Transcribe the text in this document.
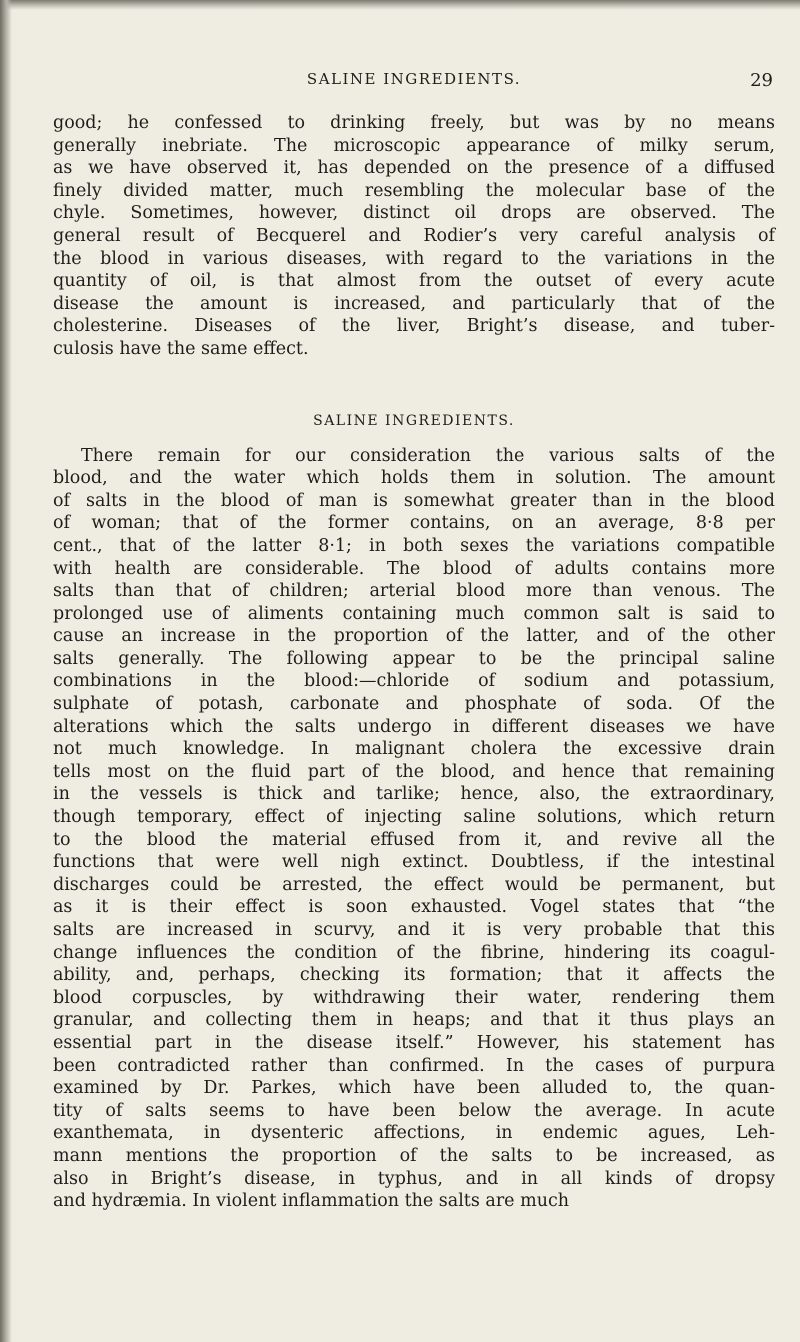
SALINE INGREDIENTS.	29
good; he confessed to drinking freely, but was by no means
generally inebriate. The microscopic appearance of milky serum,
as we have observed it, has depended on the presence of a diffused
finely divided matter, much resembling the molecular base of the
chyle. Sometimes, however, distinct oil drops are observed. The
general result of Becquerel and Rodier’s very careful analysis of
the blood in various diseases, with regard to the variations in the
quantity of oil, is that almost from the outset of every acute
disease the amount is increased, and particularly that of the
cholesterine. Diseases of the liver, Bright’s disease, and tuber-
culosis have the same effect.
SALINE INGREDIENTS.
There remain for our consideration the various salts of the
blood, and the water which holds them in solution. The amount
of salts in the blood of man is somewhat greater than in the blood
of woman; that of the former contains, on an average, 8·8 per
cent., that of the latter 8·1; in both sexes the variations compatible
with health are considerable. The blood of adults contains more
salts than that of children; arterial blood more than venous. The
prolonged use of aliments containing much common salt is said to
cause an increase in the proportion of the latter, and of the other
salts generally. The following appear to be the principal saline
combinations in the blood:—chloride of sodium and potassium,
sulphate of potash, carbonate and phosphate of soda. Of the
alterations which the salts undergo in different diseases we have
not much knowledge. In malignant cholera the excessive drain
tells most on the fluid part of the blood, and hence that remaining
in the vessels is thick and tarlike; hence, also, the extraordinary,
though temporary, effect of injecting saline solutions, which return
to the blood the material effused from it, and revive all the
functions that were well nigh extinct. Doubtless, if the intestinal
discharges could be arrested, the effect would be permanent, but
as it is their effect is soon exhausted. Vogel states that “the
salts are increased in scurvy, and it is very probable that this
change influences the condition of the fibrine, hindering its coagul-
ability, and, perhaps, checking its formation; that it affects the
blood corpuscles, by withdrawing their water, rendering them
granular, and collecting them in heaps; and that it thus plays an
essential part in the disease itself.” However, his statement has
been contradicted rather than confirmed. In the cases of purpura
examined by Dr. Parkes, which have been alluded to, the quan-
tity of salts seems to have been below the average. In acute
exanthemata, in dysenteric affections, in endemic agues, Leh-
mann mentions the proportion of the salts to be increased, as
also in Bright’s disease, in typhus, and in all kinds of dropsy
and hydræmia. In violent inflammation the salts are much
